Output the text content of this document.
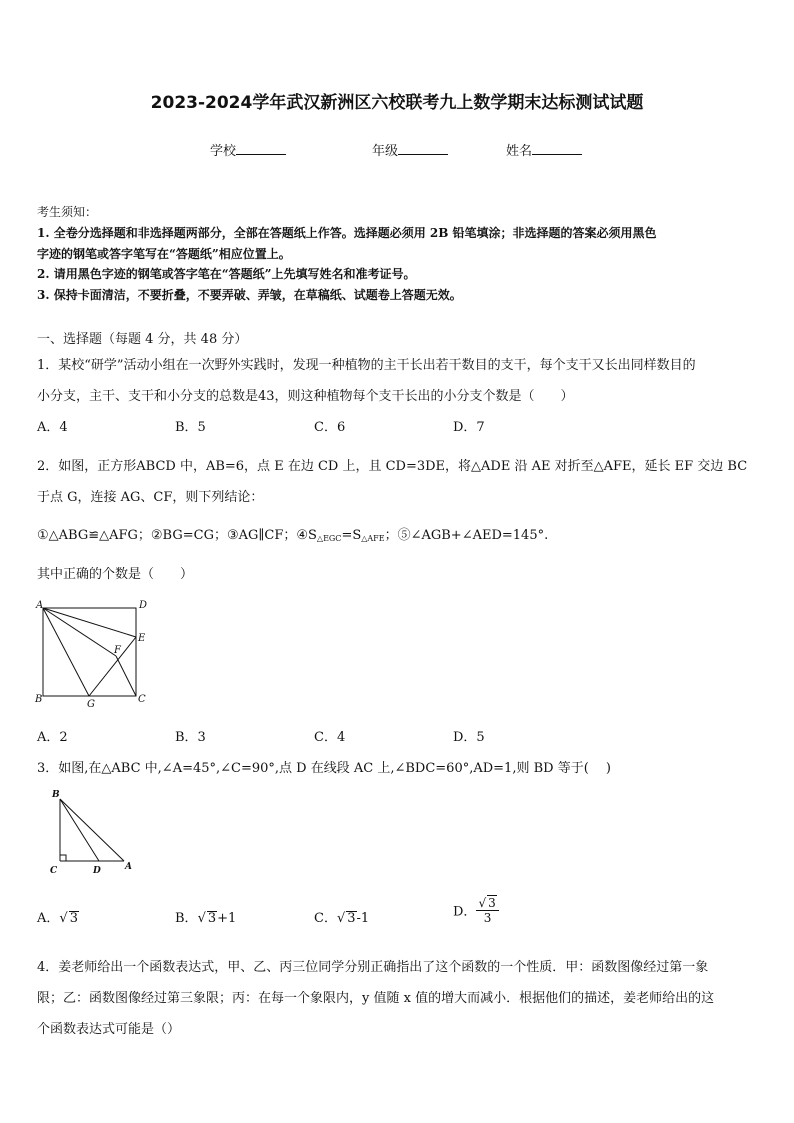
2023-2024学年武汉新洲区六校联考九上数学期末达标测试试题
学校	年级	姓名
考生须知：
1. 全卷分选择题和非选择题两部分，全部在答题纸上作答。选择题必须用 2B 铅笔填涂；非选择题的答案必须用黑色
字迹的钢笔或答字笔写在“答题纸”相应位置上。
2. 请用黑色字迹的钢笔或答字笔在“答题纸”上先填写姓名和准考证号。
3. 保持卡面清洁，不要折叠，不要弄破、弄皱，在草稿纸、试题卷上答题无效。
一、选择题（每题 4 分，共 48 分）
1．某校“研学”活动小组在一次野外实践时，发现一种植物的主干长出若干数目的支干，每个支干又长出同样数目的
小分支，主干、支干和小分支的总数是43，则这种植物每个支干长出的小分支个数是（　　）
A．4	B．5	C．6	D．7
2．如图，正方形ABCD 中，AB=6，点 E 在边 CD 上，且 CD=3DE，将△ADE 沿 AE 对折至△AFE，延长 EF 交边 BC
于点 G，连接 AG、CF，则下列结论：
①△ABG≌△AFG；②BG=CG；③AG∥CF；$④S_{\triangle EGC}=S_{\triangle AFE}$；⑤∠AGB+∠AED=145°.
其中正确的个数是（　　）
A	D
E
F
B	G	C
A．2	B．3	C．4	D．5
3．如图,在△ABC 中,∠A=45°,∠C=90°,点 D 在线段 AC 上,∠BDC=60°,AD=1,则 BD 等于(　 )
B
C	D	A
A．√ 3	B．√ 3+1	C．√ 3-1	D． $\frac{√ 3}{3}$
4．姜老师给出一个函数表达式，甲、乙、丙三位同学分别正确指出了这个函数的一个性质．甲：函数图像经过第一象
限；乙：函数图像经过第三象限；丙：在每一个象限内，y 值随 x 值的增大而减小．根据他们的描述，姜老师给出的这
个函数表达式可能是（）
